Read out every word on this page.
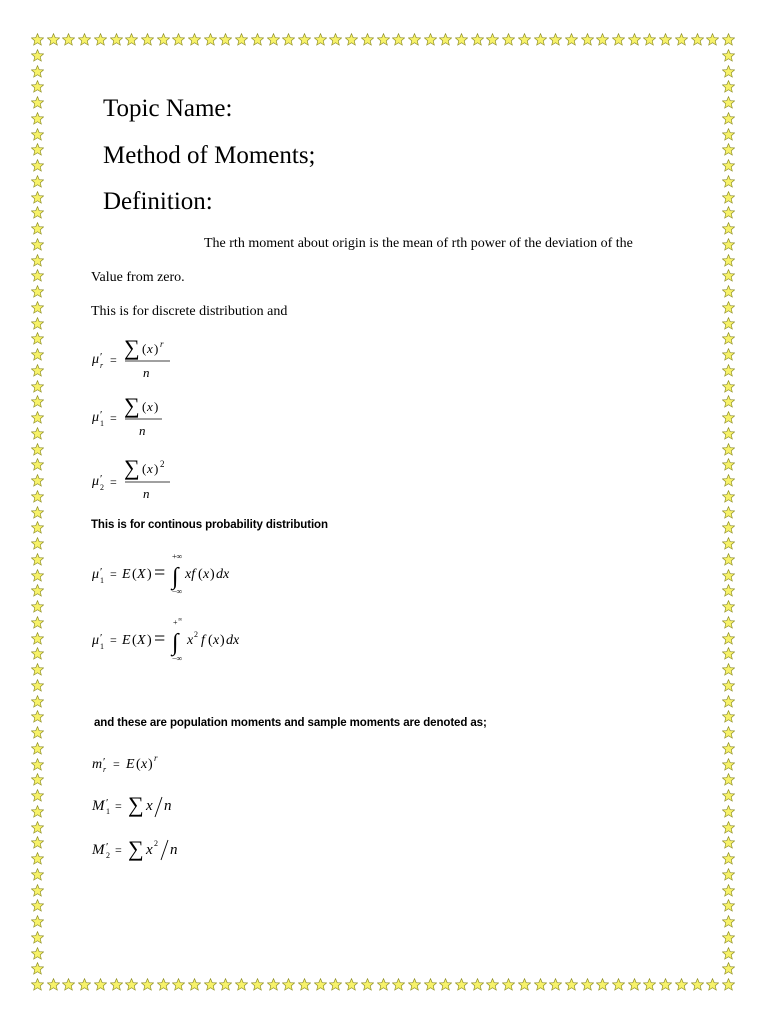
Topic Name:
Method of Moments;
Definition:
The rth moment about origin is the mean of rth power of the deviation of the
Value from zero.
This is for discrete distribution and
μ ′
r = ∑ ( x ) r
n
μ ′
1 = ∑ ( x )
n
μ ′
2 =
∑ ( x ) 2
n
This is for continous probability distribution
+∞
μ ′
1 = E ( X ) = ∫
−∞
xf ( x ) dx
+ ∞
μ ′
1 = E ( X ) = ∫
−∞
x 2 f ( x ) dx
and these are population moments and sample moments are denoted as;
m ′
r = E ( x ) r
M ′
1 = ∑ x n
M ′
2 = ∑ x 2 n
